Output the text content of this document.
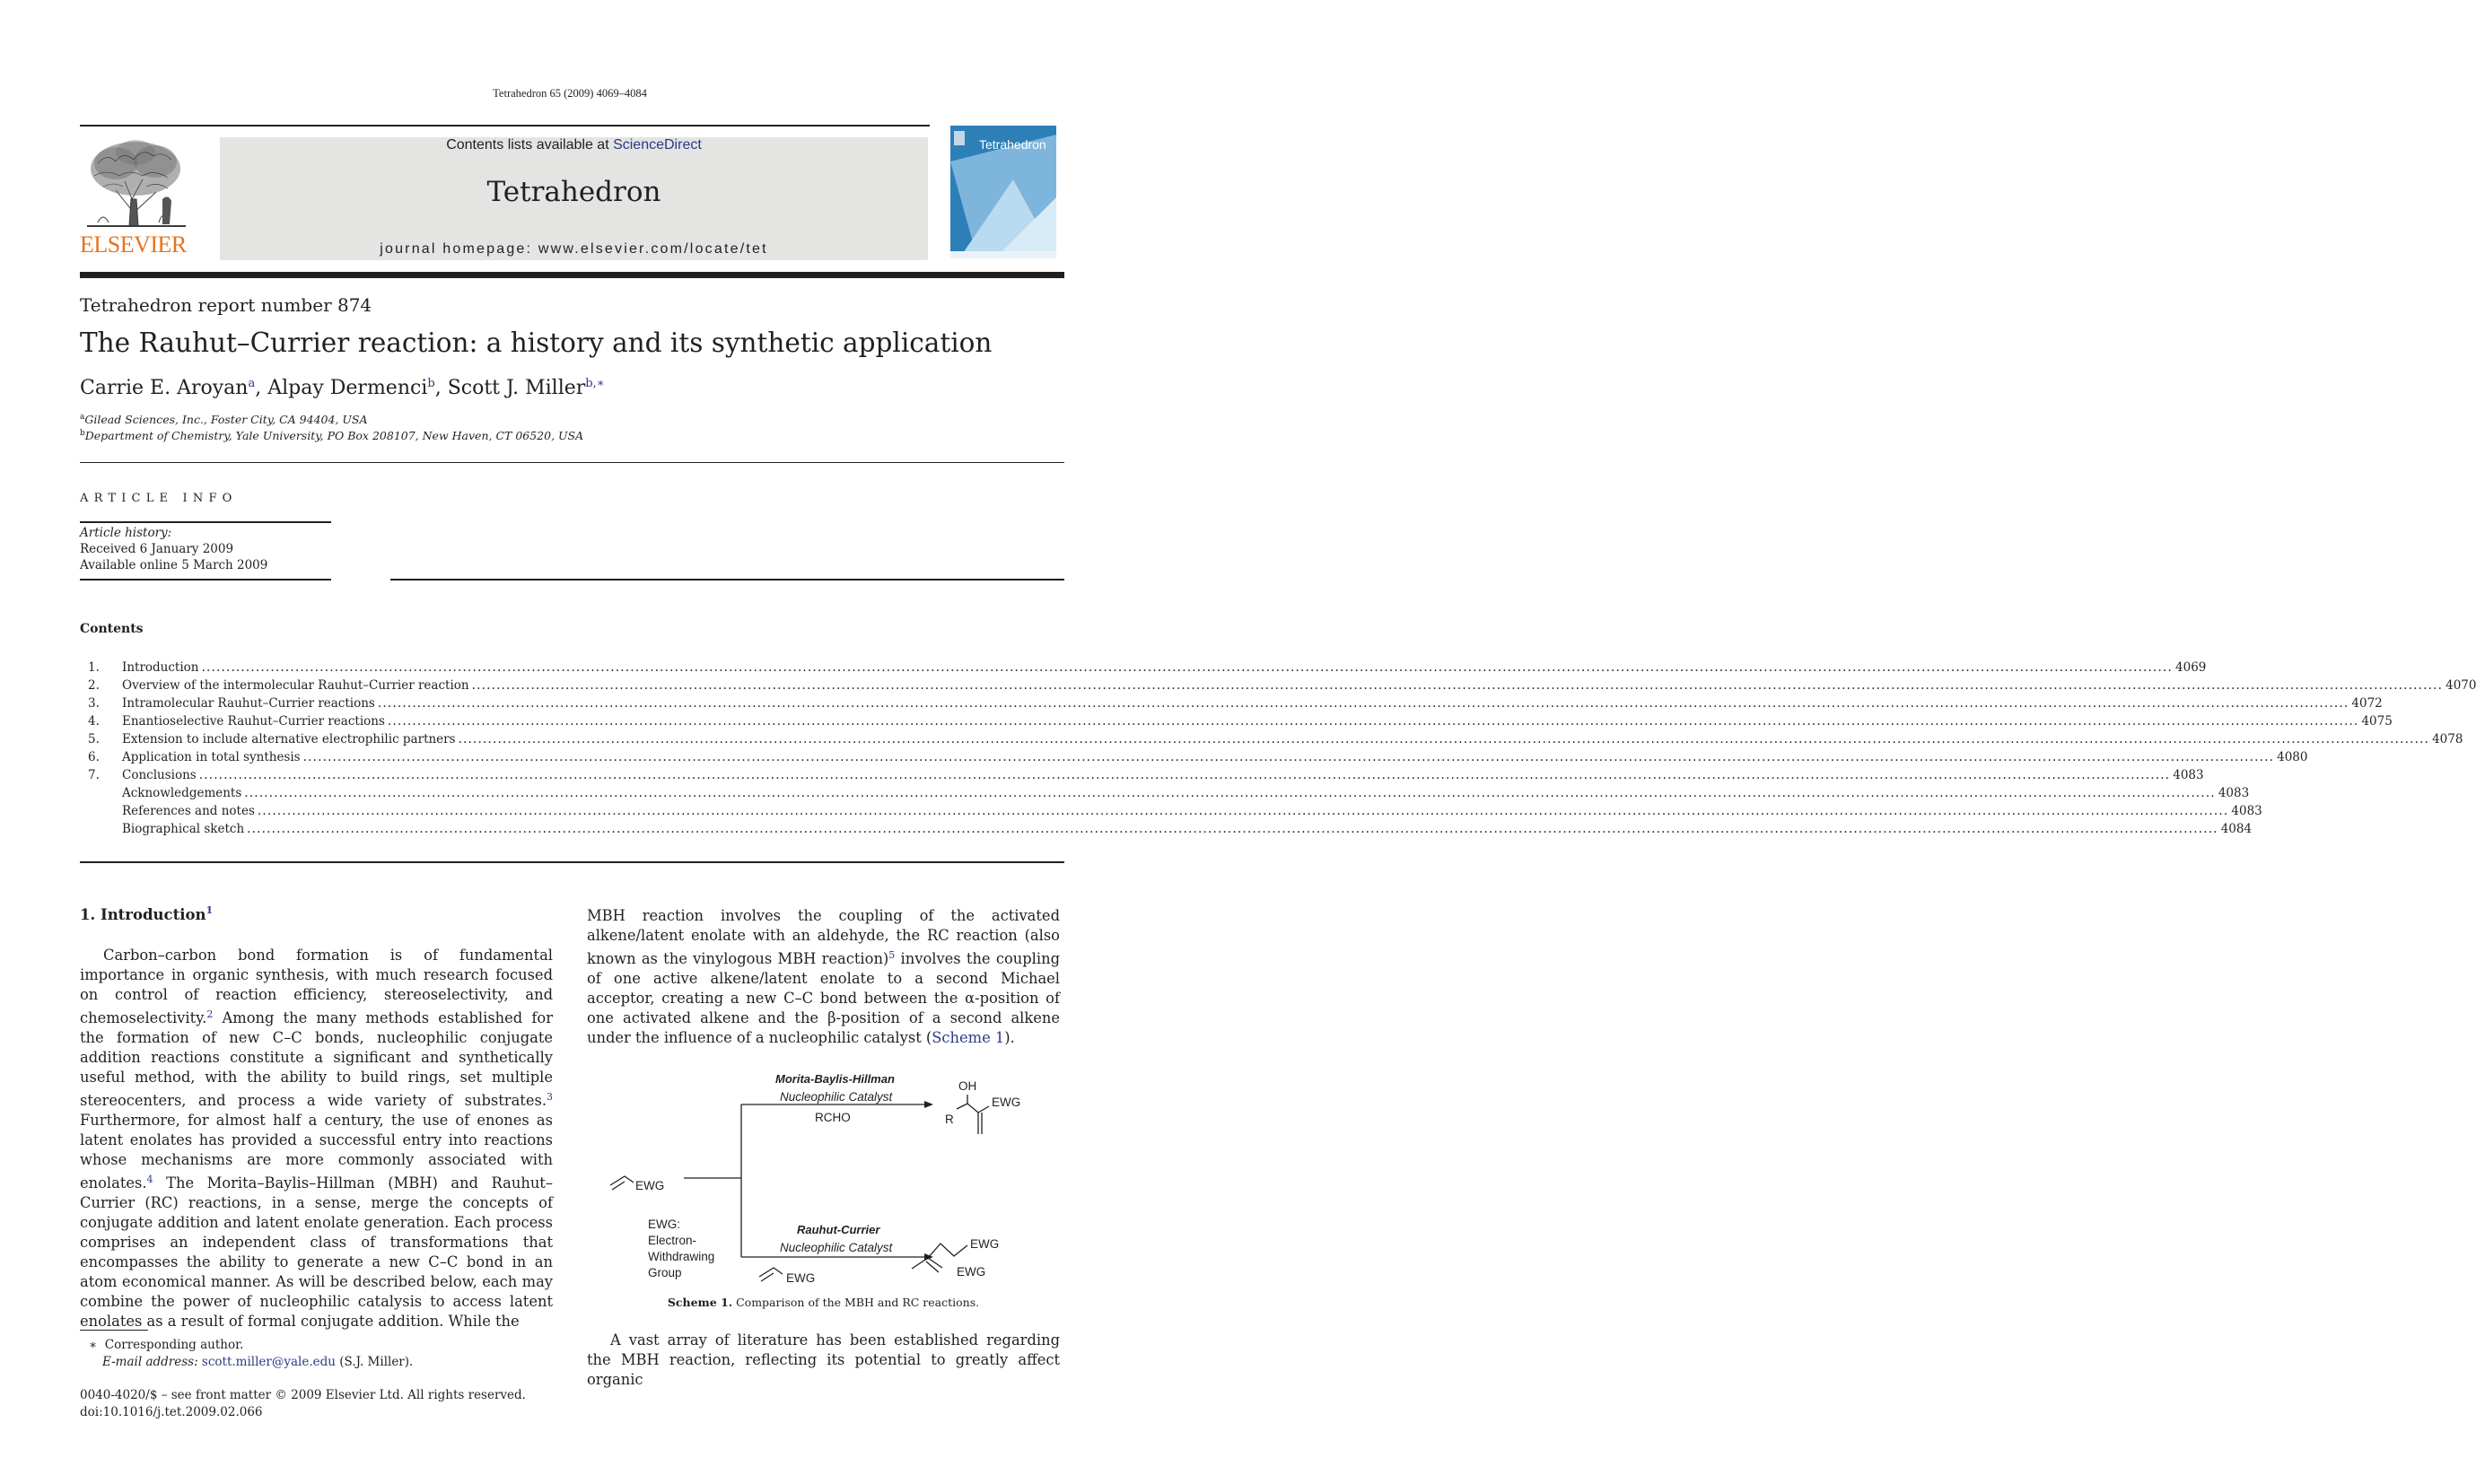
Tetrahedron 65 (2009) 4069–4084
ELSEVIER
Contents lists available at ScienceDirect
Tetrahedron
journal homepage: www.elsevier.com/locate/tet
Tetrahedron
Tetrahedron report number 874
The Rauhut–Currier reaction: a history and its synthetic application
Carrie E. Aroyan$^a$, Alpay Dermenci$^b$, Scott J. Miller$^{b,∗}$
$^a$Gilead Sciences, Inc., Foster City, CA 94404, USA
$^b$Department of Chemistry, Yale University, PO Box 208107, New Haven, CT 06520, USA
ARTICLE INFO
Article history:
Received 6 January 2009
Available online 5 March 2009
Contents
1.	Introduction ................................................................................................................................................................................................................................................................................................................................................................................................................ 4069
2.	Overview of the intermolecular Rauhut–Currier reaction ................................................................................................................................................................................................................................................................................................................................................................................................................ 4070
3.	Intramolecular Rauhut–Currier reactions ................................................................................................................................................................................................................................................................................................................................................................................................................ 4072
4.	Enantioselective Rauhut–Currier reactions ................................................................................................................................................................................................................................................................................................................................................................................................................ 4075
5.	Extension to include alternative electrophilic partners ................................................................................................................................................................................................................................................................................................................................................................................................................ 4078
6.	Application in total synthesis ................................................................................................................................................................................................................................................................................................................................................................................................................ 4080
7.	Conclusions ................................................................................................................................................................................................................................................................................................................................................................................................................ 4083
Acknowledgements ................................................................................................................................................................................................................................................................................................................................................................................................................ 4083
References and notes ................................................................................................................................................................................................................................................................................................................................................................................................................ 4083
Biographical sketch ................................................................................................................................................................................................................................................................................................................................................................................................................ 4084
1. Introduction$^1$
Carbon–carbon bond formation is of fundamental importance in organic synthesis, with much research focused on control of reaction efficiency, stereoselectivity, and chemoselectivity.$^2$ Among the many methods established for the formation of new C–C bonds, nucleophilic conjugate addition reactions constitute a significant and synthetically useful method, with the ability to build rings, set multiple stereocenters, and process a wide variety of substrates.$^3$ Furthermore, for almost half a century, the use of enones as latent enolates has provided a successful entry into reactions whose mechanisms are more commonly associated with enolates.$^4$ The Morita–Baylis–Hillman (MBH) and Rauhut–Currier (RC) reactions, in a sense, merge the concepts of conjugate addition and latent enolate generation. Each process comprises an independent class of transformations that encompasses the ability to generate a new C–C bond in an atom economical manner. As will be described below, each may combine the power of nucleophilic catalysis to access latent enolates as a result of formal conjugate addition. While the
MBH reaction involves the coupling of the activated alkene/latent enolate with an aldehyde, the RC reaction (also known as the vinylogous MBH reaction)$^5$ involves the coupling of one active alkene/latent enolate to a second Michael acceptor, creating a new C–C bond between the α-position of one activated alkene and the β-position of a second alkene under the influence of a nucleophilic catalyst (Scheme 1).
EWG
Morita-Baylis-Hillman
Nucleophilic Catalyst
RCHO
OH
R
EWG
EWG:
Electron-
Withdrawing
Group
Rauhut-Currier
Nucleophilic Catalyst
EWG
EWG
EWG
Scheme 1. Comparison of the MBH and RC reactions.
A vast array of literature has been established regarding the MBH reaction, reflecting its potential to greatly affect organic
∗ Corresponding author.
E-mail address: scott.miller@yale.edu (S.J. Miller).
0040-4020/$ – see front matter © 2009 Elsevier Ltd. All rights reserved.
doi:10.1016/j.tet.2009.02.066
